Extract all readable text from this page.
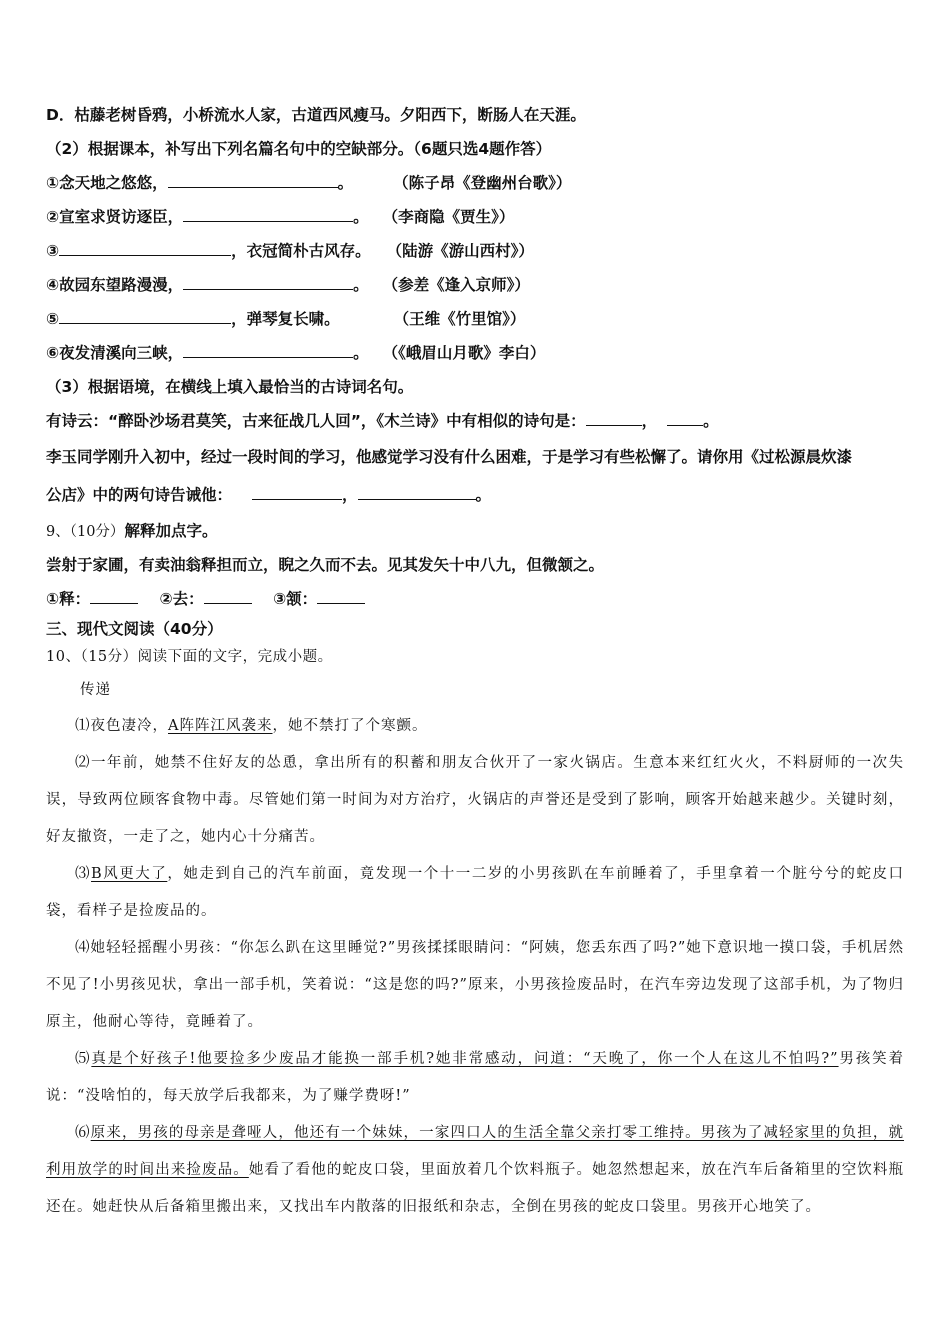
D．枯藤老树昏鸦，小桥流水人家，古道西风瘦马。夕阳西下，断肠人在天涯。
（2）根据课本，补写出下列名篇名句中的空缺部分。（6题只选4题作答）
①念天地之悠悠，	。	（陈子昂《登幽州台歌》）
②宣室求贤访逐臣，	。 （李商隐《贾生》）
③	，衣冠简朴古风存。 （陆游《游山西村》）
④故园东望路漫漫，	。 （参差《逢入京师》）
⑤	，弹琴复长啸。	（王维《竹里馆》）
⑥夜发清溪向三峡，	。 （《峨眉山月歌》李白）
（3）根据语境，在横线上填入最恰当的古诗词名句。
有诗云：“醉卧沙场君莫笑，古来征战几人回”，《木兰诗》中有相似的诗句是：	，	。
李玉同学刚升入初中，经过一段时间的学习，他感觉学习没有什么困难，于是学习有些松懈了。请你用《过松源晨炊漆
公店》中的两句诗告诫他：	，	。
9、（10分）解释加点字。
尝射于家圃，有卖油翁释担而立，睨之久而不去。见其发矢十中八九，但微颔之。
①释：	②去：	③颔：
三、现代文阅读（40分）
10、（15分）阅读下面的文字，完成小题。
传递
⑴夜色凄冷，A阵阵江风袭来，她不禁打了个寒颤。
⑵一年前，她禁不住好友的怂恿，拿出所有的积蓄和朋友合伙开了一家火锅店。生意本来红红火火，不料厨师的一次失误，导致两位顾客食物中毒。尽管她们第一时间为对方治疗，火锅店的声誉还是受到了影响，顾客开始越来越少。关键时刻，好友撤资，一走了之，她内心十分痛苦。
⑶B风更大了，她走到自己的汽车前面，竟发现一个十一二岁的小男孩趴在车前睡着了，手里拿着一个脏兮兮的蛇皮口袋，看样子是捡废品的。
⑷她轻轻摇醒小男孩：“你怎么趴在这里睡觉?”男孩揉揉眼睛问：“阿姨，您丢东西了吗?”她下意识地一摸口袋，手机居然不见了!小男孩见状，拿出一部手机，笑着说：“这是您的吗?”原来，小男孩捡废品时，在汽车旁边发现了这部手机，为了物归原主，他耐心等待，竟睡着了。
⑸真是个好孩子!他要捡多少废品才能换一部手机?她非常感动，问道：“天晚了，你一个人在这儿不怕吗?”男孩笑着说：“没啥怕的，每天放学后我都来，为了赚学费呀!”
⑹原来，男孩的母亲是聋哑人，他还有一个妹妹，一家四口人的生活全靠父亲打零工维持。男孩为了减轻家里的负担，就利用放学的时间出来捡废品。她看了看他的蛇皮口袋，里面放着几个饮料瓶子。她忽然想起来，放在汽车后备箱里的空饮料瓶还在。她赶快从后备箱里搬出来，又找出车内散落的旧报纸和杂志，全倒在男孩的蛇皮口袋里。男孩开心地笑了。
